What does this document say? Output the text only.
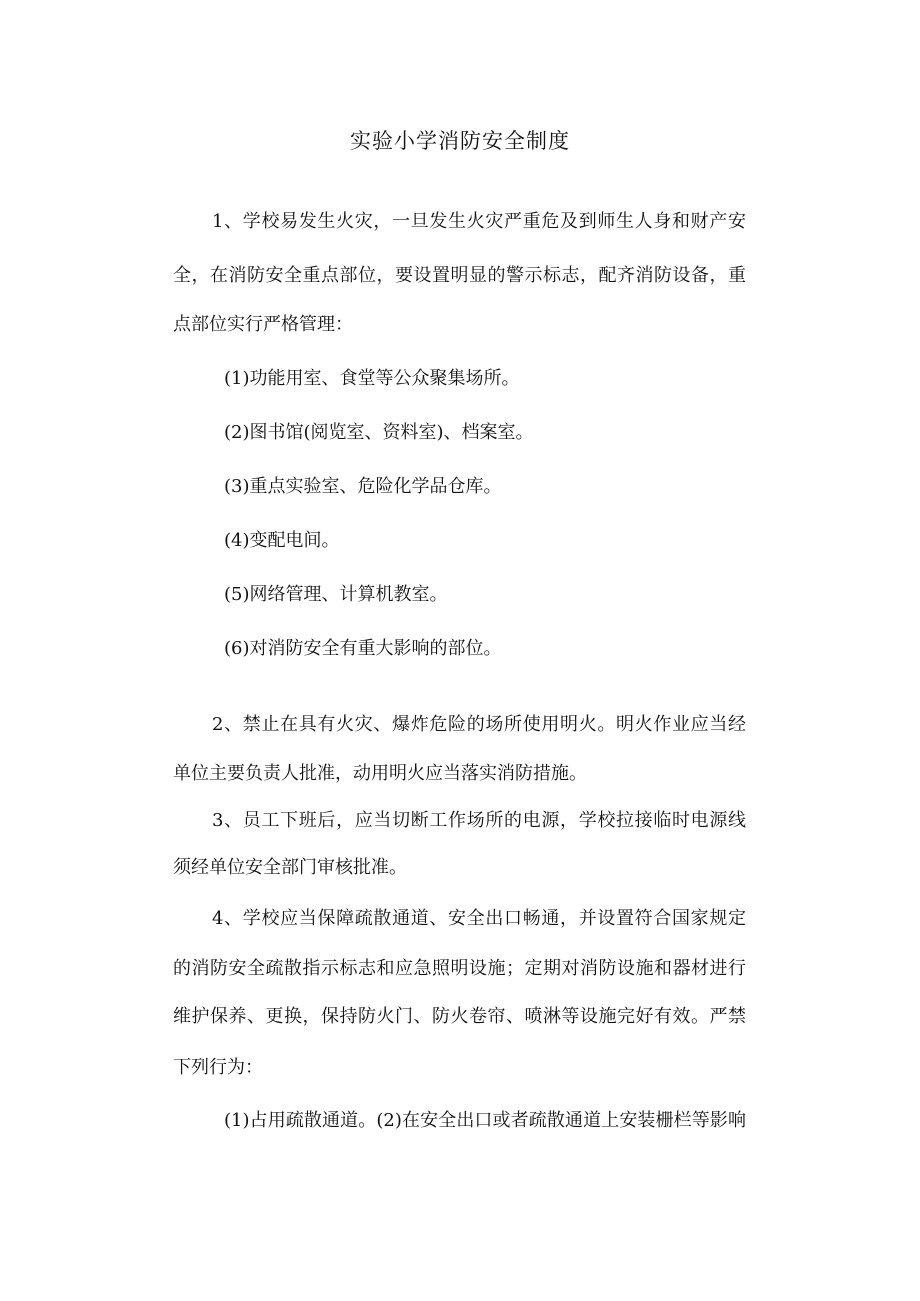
实验小学消防安全制度
1、学校易发生火灾，一旦发生火灾严重危及到师生人身和财产安
全，在消防安全重点部位，要设置明显的警示标志，配齐消防设备，重
点部位实行严格管理：
(1)功能用室、食堂等公众聚集场所。
(2)图书馆(阅览室、资料室)、档案室。
(3)重点实验室、危险化学品仓库。
(4)变配电间。
(5)网络管理、计算机教室。
(6)对消防安全有重大影响的部位。
2、禁止在具有火灾、爆炸危险的场所使用明火。明火作业应当经
单位主要负责人批准，动用明火应当落实消防措施。
3、员工下班后，应当切断工作场所的电源，学校拉接临时电源线
须经单位安全部门审核批准。
4、学校应当保障疏散通道、安全出口畅通，并设置符合国家规定
的消防安全疏散指示标志和应急照明设施；定期对消防设施和器材进行
维护保养、更换，保持防火门、防火卷帘、喷淋等设施完好有效。严禁
下列行为：
(1)占用疏散通道。(2)在安全出口或者疏散通道上安装栅栏等影响
